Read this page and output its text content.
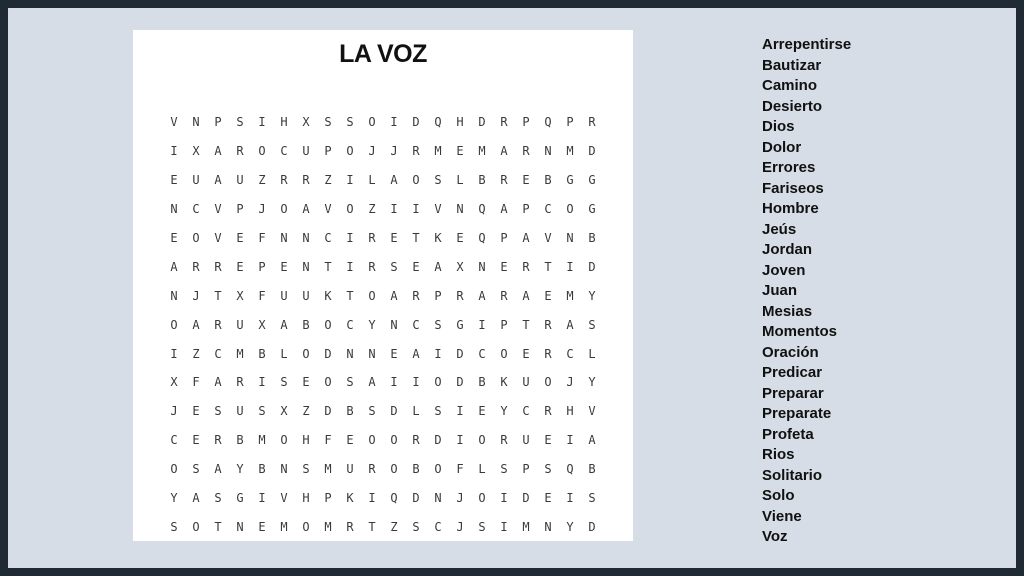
LA VOZ
V	N	P	S	I	H	X	S	S	O	I	D	Q	H	D	R	P	Q	P	R
I	X	A	R	O	C	U	P	O	J	J	R	M	E	M	A	R	N	M	D
E	U	A	U	Z	R	R	Z	I	L	A	O	S	L	B	R	E	B	G	G
N	C	V	P	J	O	A	V	O	Z	I	I	V	N	Q	A	P	C	O	G
E	O	V	E	F	N	N	C	I	R	E	T	K	E	Q	P	A	V	N	B
A	R	R	E	P	E	N	T	I	R	S	E	A	X	N	E	R	T	I	D
N	J	T	X	F	U	U	K	T	O	A	R	P	R	A	R	A	E	M	Y
O	A	R	U	X	A	B	O	C	Y	N	C	S	G	I	P	T	R	A	S
I	Z	C	M	B	L	O	D	N	N	E	A	I	D	C	O	E	R	C	L
X	F	A	R	I	S	E	O	S	A	I	I	O	D	B	K	U	O	J	Y
J	E	S	U	S	X	Z	D	B	S	D	L	S	I	E	Y	C	R	H	V
C	E	R	B	M	O	H	F	E	O	O	R	D	I	O	R	U	E	I	A
O	S	A	Y	B	N	S	M	U	R	O	B	O	F	L	S	P	S	Q	B
Y	A	S	G	I	V	H	P	K	I	Q	D	N	J	O	I	D	E	I	S
S	O	T	N	E	M	O	M	R	T	Z	S	C	J	S	I	M	N	Y	D
Arrepentirse
Bautizar
Camino
Desierto
Dios
Dolor
Errores
Fariseos
Hombre
Jeús
Jordan
Joven
Juan
Mesias
Momentos
Oración
Predicar
Preparar
Preparate
Profeta
Rios
Solitario
Solo
Viene
Voz
